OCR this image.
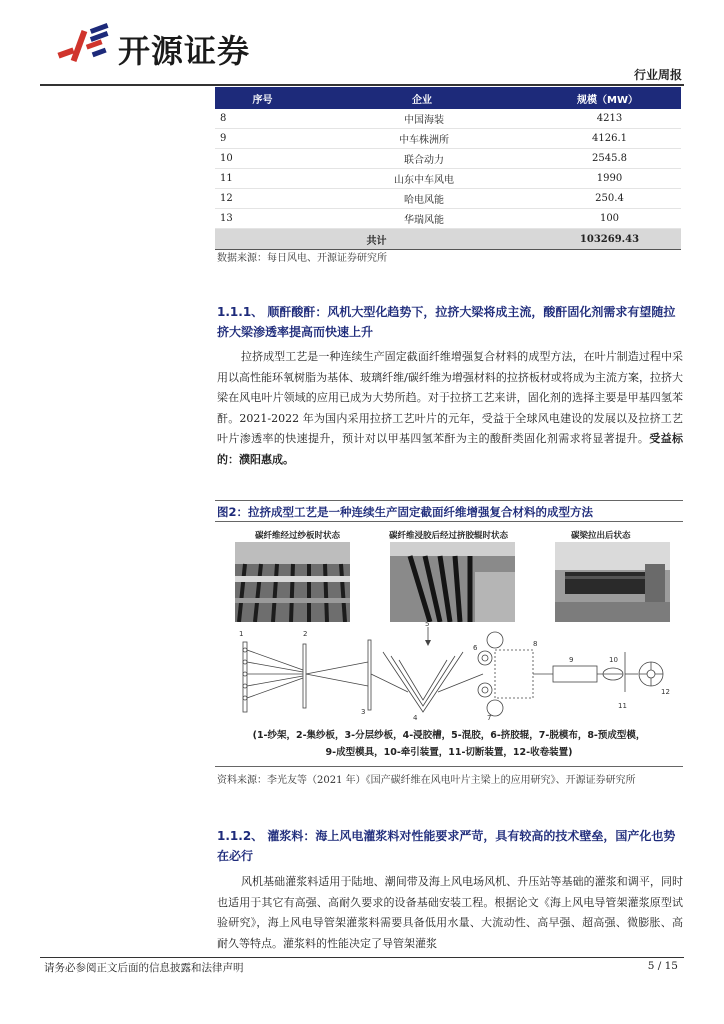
开源证券
行业周报
序号	企业	规模（MW）
8	中国海装	4213
9	中车株洲所	4126.1
10	联合动力	2545.8
11	山东中车风电	1990
12	哈电风能	250.4
13	华瑞风能	100
共计		103269.43
数据来源：每日风电、开源证券研究所
1.1.1、 顺酐酸酐：风机大型化趋势下，拉挤大梁将成主流，酸酐固化剂需求有望随拉挤大梁渗透率提高而快速上升
拉挤成型工艺是一种连续生产固定截面纤维增强复合材料的成型方法，在叶片制造过程中采用以高性能环氧树脂为基体、玻璃纤维/碳纤维为增强材料的拉挤板材或将成为主流方案，拉挤大梁在风电叶片领域的应用已成为大势所趋。对于拉挤工艺来讲，固化剂的选择主要是甲基四氢苯酐。2021-2022 年为国内采用拉挤工艺叶片的元年，受益于全球风电建设的发展以及拉挤工艺叶片渗透率的快速提升，预计对以甲基四氢苯酐为主的酸酐类固化剂需求将显著提升。受益标的：濮阳惠成。
图2：拉挤成型工艺是一种连续生产固定截面纤维增强复合材料的成型方法
碳纤维经过纱板时状态	碳纤维浸胶后经过挤胶辊时状态	碳梁拉出后状态
1	2
3
4
5
6
7
8
9	10
11
12
(1-纱架，2-集纱板，3-分层纱板，4-浸胶槽，5-混胶，6-挤胶辊，7-脱模布，8-预成型模，
9-成型模具，10-牵引装置，11-切断装置，12-收卷装置)
资料来源：李光友等（2021 年）《国产碳纤维在风电叶片主梁上的应用研究》、开源证券研究所
1.1.2、 灌浆料：海上风电灌浆料对性能要求严苛，具有较高的技术壁垒，国产化也势在必行
风机基础灌浆料适用于陆地、潮间带及海上风电场风机、升压站等基础的灌浆和调平，同时也适用于其它有高强、高耐久要求的设备基础安装工程。根据论文《海上风电导管架灌浆原型试验研究》，海上风电导管架灌浆料需要具备低用水量、大流动性、高早强、超高强、微膨胀、高耐久等特点。灌浆料的性能决定了导管架灌浆
请务必参阅正文后面的信息披露和法律声明	5 / 15
